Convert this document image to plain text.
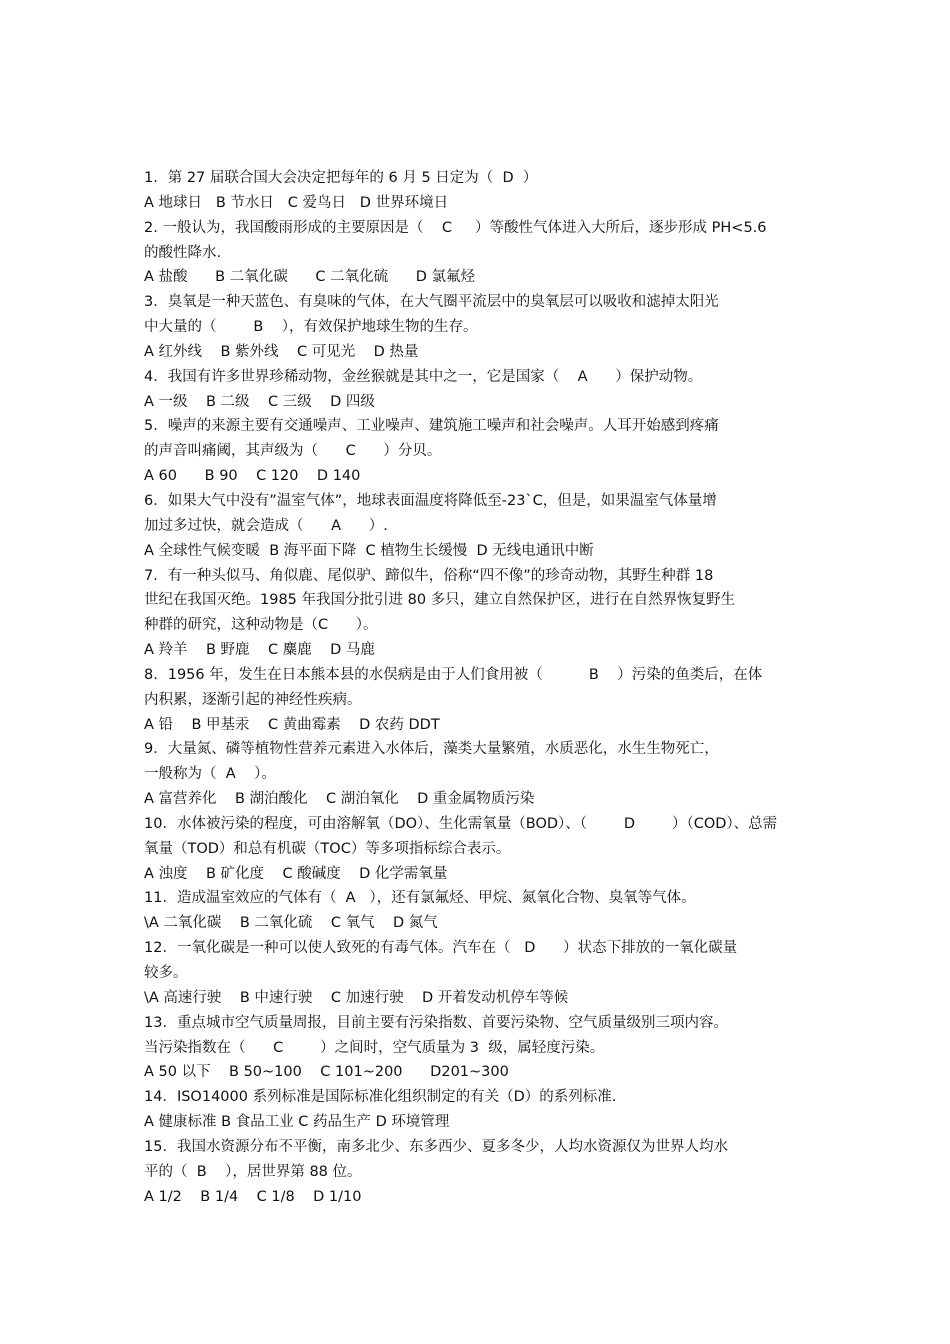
1．第 27 届联合国大会决定把每年的 6 月 5 日定为（  D  ）
A 地球日   B 节水日   C 爱鸟日   D 世界环境日
2. 一般认为，我国酸雨形成的主要原因是（    C     ）等酸性气体进入大所后，逐步形成 PH<5.6
的酸性降水.
A 盐酸      B 二氧化碳      C 二氧化硫      D 氯氟烃
3．臭氧是一种天蓝色、有臭味的气体，在大气圈平流层中的臭氧层可以吸收和滤掉太阳光
中大量的（        B    ），有效保护地球生物的生存。
A 红外线    B 紫外线    C 可见光    D 热量
4．我国有许多世界珍稀动物，金丝猴就是其中之一，它是国家（    A      ）保护动物。
A 一级    B 二级    C 三级    D 四级
5．噪声的来源主要有交通噪声、工业噪声、建筑施工噪声和社会噪声。人耳开始感到疼痛
的声音叫痛阈，其声级为（      C      ）分贝。
A 60      B 90    C 120    D 140
6．如果大气中没有”温室气体”，地球表面温度将降低至-23`C，但是，如果温室气体量增
加过多过快，就会造成（      A      ）.
A 全球性气候变暖  B 海平面下降  C 植物生长缓慢  D 无线电通讯中断
7．有一种头似马、角似鹿、尾似驴、蹄似牛，俗称“四不像”的珍奇动物，其野生种群 18
世纪在我国灭绝。1985 年我国分批引进 80 多只，建立自然保护区，进行在自然界恢复野生
种群的研究，这种动物是（C      ）。
A 羚羊    B 野鹿    C 麋鹿    D 马鹿
8．1956 年，发生在日本熊本县的水俣病是由于人们食用被（          B    ）污染的鱼类后，在体
内积累，逐渐引起的神经性疾病。
A 铅    B 甲基汞    C 黄曲霉素    D 农药 DDT
9．大量氮、磷等植物性营养元素进入水体后，藻类大量繁殖，水质恶化，水生生物死亡，
一般称为（  A    ）。
A 富营养化    B 湖泊酸化    C 湖泊氧化    D 重金属物质污染
10．水体被污染的程度，可由溶解氧（DO）、生化需氧量（BOD）、（        D        ）（COD）、总需
氧量（TOD）和总有机碳（TOC）等多项指标综合表示。
A 浊度    B 矿化度    C 酸碱度    D 化学需氧量
11．造成温室效应的气体有（  A   ），还有氯氟烃、甲烷、氮氧化合物、臭氧等气体。
\A 二氧化碳    B 二氧化硫    C 氧气    D 氮气
12．一氧化碳是一种可以使人致死的有毒气体。汽车在（   D      ）状态下排放的一氧化碳量
较多。
\A 高速行驶    B 中速行驶    C 加速行驶    D 开着发动机停车等候
13．重点城市空气质量周报，目前主要有污染指数、首要污染物、空气质量级别三项内容。
当污染指数在（      C        ）之间时，空气质量为 3  级，属轻度污染。
A 50 以下    B 50~100    C 101~200      D201~300
14．ISO14000 系列标准是国际标准化组织制定的有关（D）的系列标准.
A 健康标准 B 食品工业 C 药品生产 D 环境管理
15．我国水资源分布不平衡，南多北少、东多西少、夏多冬少，人均水资源仅为世界人均水
平的（  B    ），居世界第 88 位。
A 1/2    B 1/4    C 1/8    D 1/10
